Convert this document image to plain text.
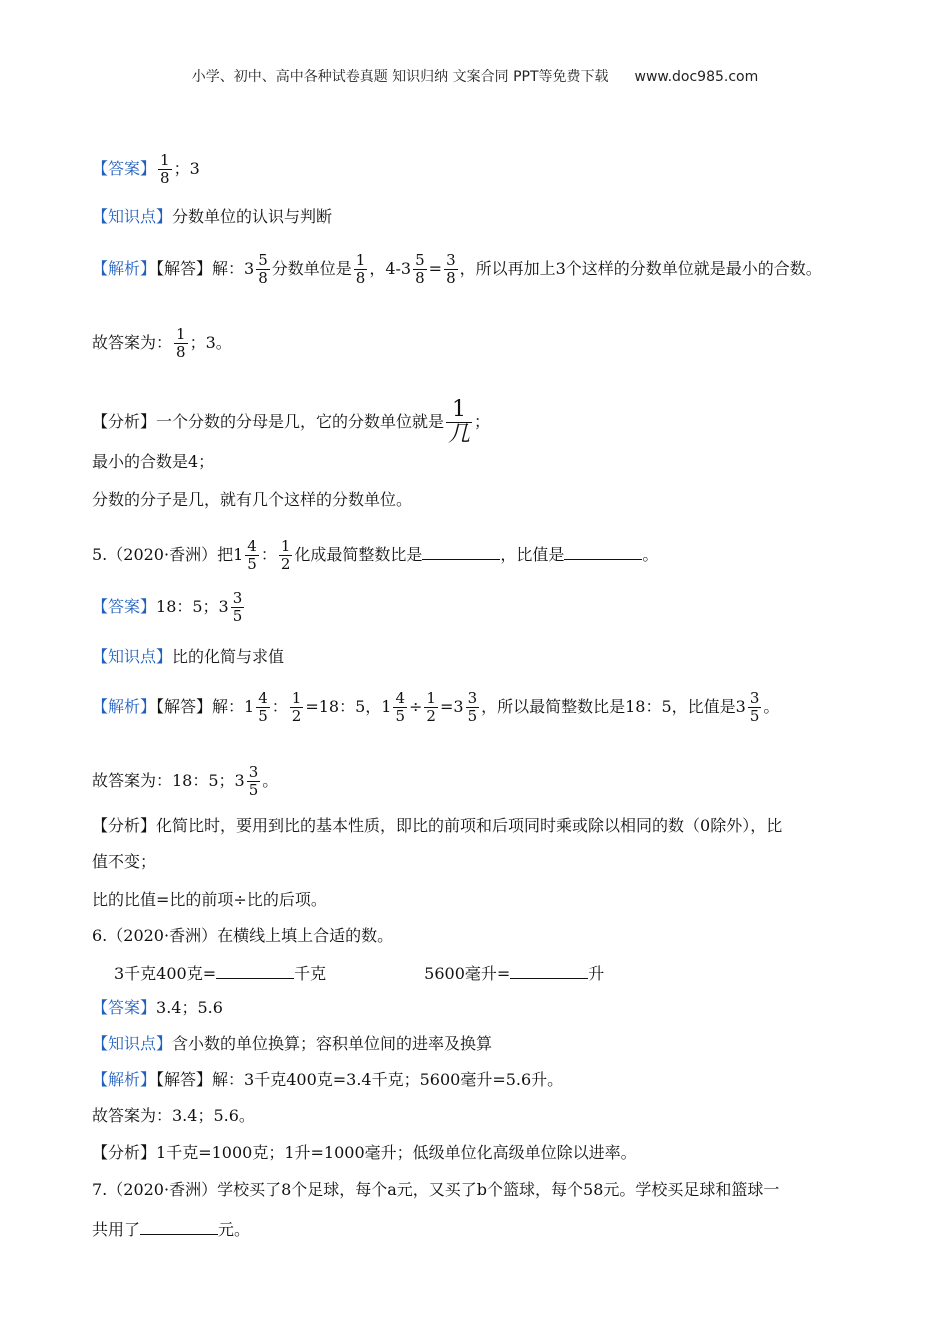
小学、初中、高中各种试卷真题 知识归纳 文案合同 PPT等免费下载 www.doc985.com
【答案】 $\frac{1}{8}$ ；3
【知识点】分数单位的认识与判断
【解析】【解答】解：$3 \frac{5}{8}$ 分数单位是 $\frac{1}{8}$ ，$4-3 \frac{5}{8} = \frac{3}{8}$ ，所以再加上3个这样的分数单位就是最小的合数。
故答案为： $\frac{1}{8}$ ；3。
【分析】一个分数的分母是几，它的分数单位就是 $\frac{1}{\text{几}}$ ；
最小的合数是4；
分数的分子是几，就有几个这样的分数单位。
5.（2020·香洲）把$1 \frac{4}{5}$ ： $\frac{1}{2}$ 化成最简整数比是	，比值是	。
【答案】18：5；$3 \frac{3}{5}$
【知识点】比的化简与求值
【解析】【解答】解：$1 \frac{4}{5}$ ： $\frac{1}{2} =18$：5，$1 \frac{4}{5} \div \frac{1}{2} =3 \frac{3}{5}$ ，所以最简整数比是18：5，比值是$3 \frac{3}{5}$ 。
故答案为：18：5；$3 \frac{3}{5}$ 。
【分析】化简比时，要用到比的基本性质，即比的前项和后项同时乘或除以相同的数（0除外），比
值不变；
比的比值=比的前项÷比的后项。
6.（2020·香洲）在横线上填上合适的数。
3千克400克=	千克	5600毫升=	升
【答案】3.4；5.6
【知识点】含小数的单位换算；容积单位间的进率及换算
【解析】【解答】解：3千克400克=3.4千克；5600毫升=5.6升。
故答案为：3.4；5.6。
【分析】1千克=1000克；1升=1000毫升；低级单位化高级单位除以进率。
7.（2020·香洲）学校买了8个足球，每个a元，又买了b个篮球，每个58元。学校买足球和篮球一
共用了	元。
